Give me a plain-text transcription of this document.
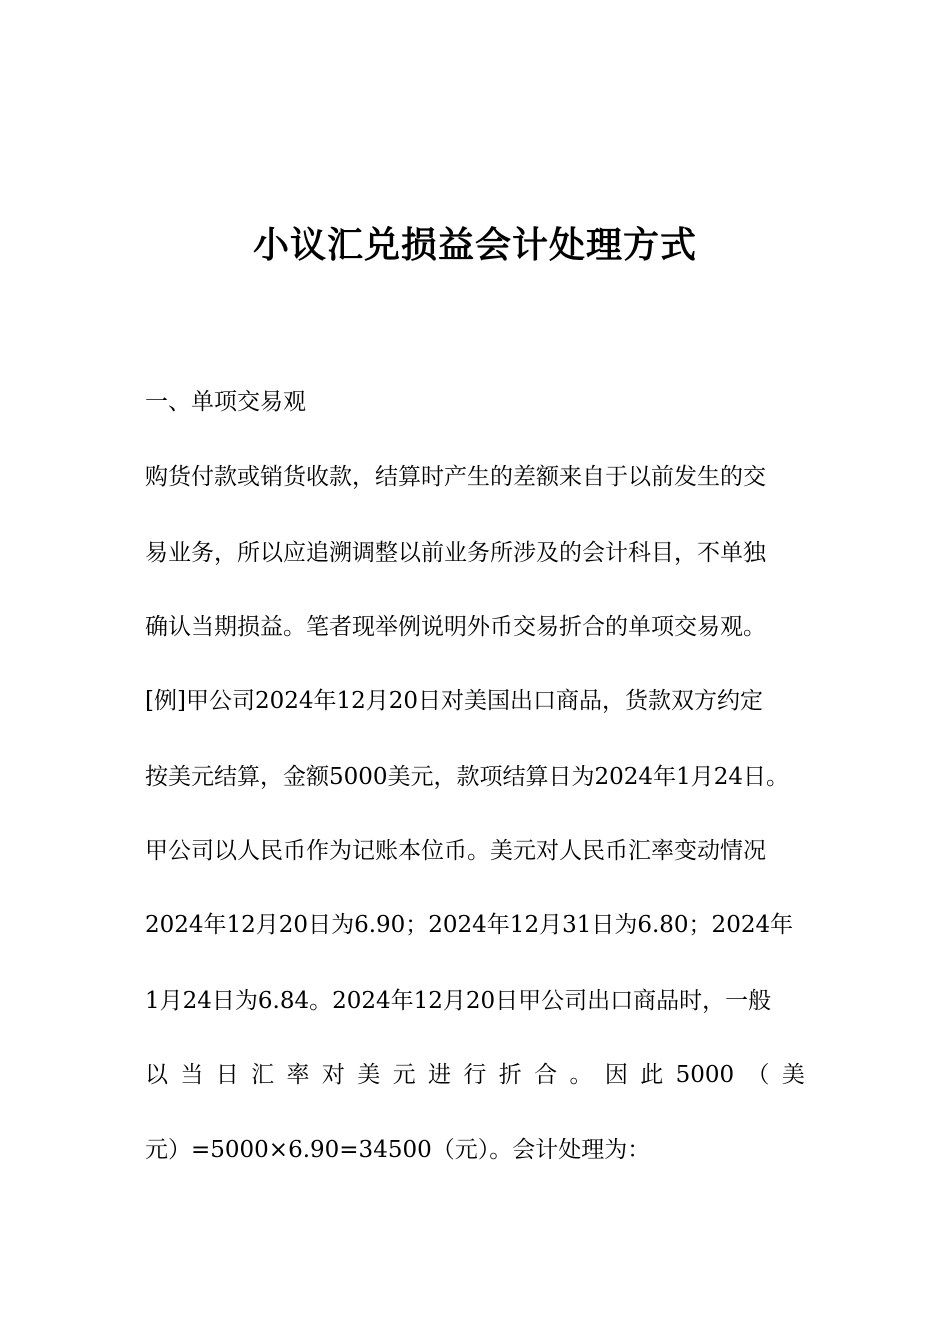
小议汇兑损益会计处理方式
一、单项交易观
购货付款或销货收款，结算时产生的差额来自于以前发生的交
易业务，所以应追溯调整以前业务所涉及的会计科目，不单独
确认当期损益。笔者现举例说明外币交易折合的单项交易观。
[例]甲公司2024年12月20日对美国出口商品，货款双方约定
按美元结算，金额5000美元，款项结算日为2024年1月24日。
甲公司以人民币作为记账本位币。美元对人民币汇率变动情况
2024年12月20日为6.90；2024年12月31日为6.80；2024年
1月24日为6.84。2024年12月20日甲公司出口商品时，一般
以 当 日 汇 率 对 美 元 进 行 折 合 。 因 此 5000 （ 美
元）=5000×6.90=34500（元）。会计处理为：
